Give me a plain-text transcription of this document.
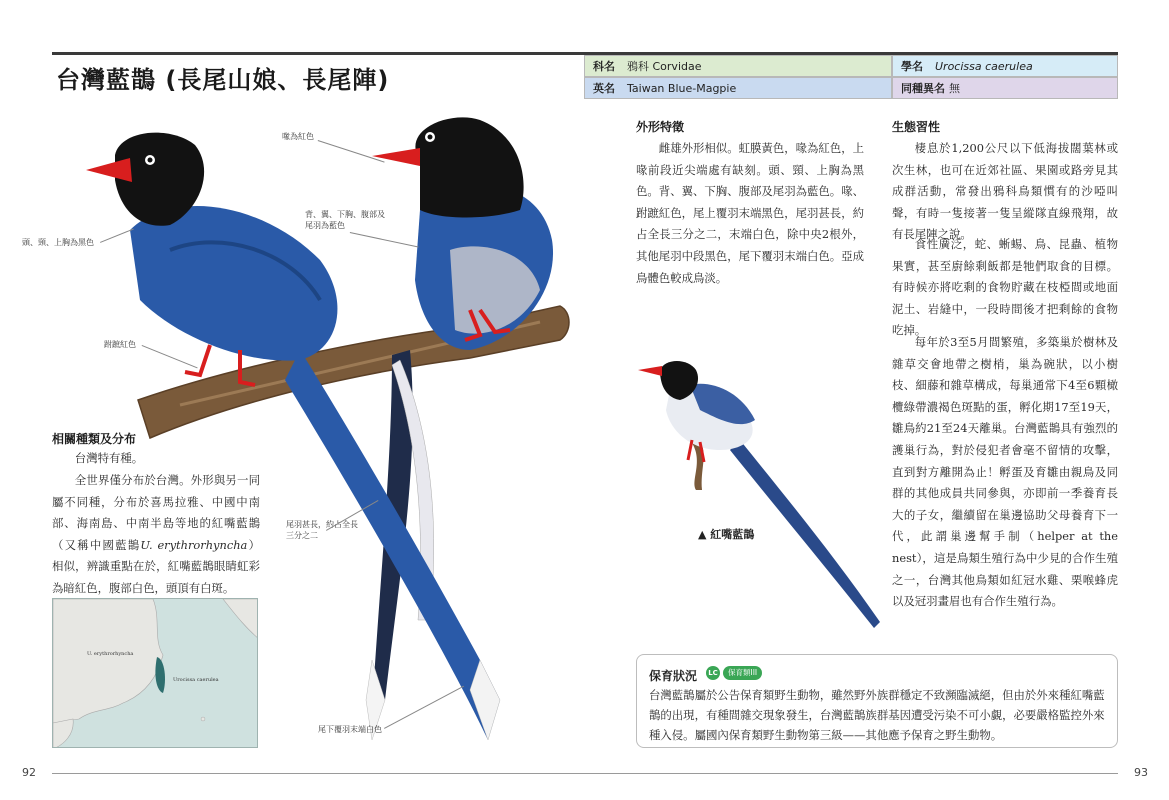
台灣藍鵲 (長尾山娘、長尾陣)	科名 鴉科 Corvidae	學名 Urocissa caerulea
英名 Taiwan Blue-Magpie	同種異名 無
喙為紅色
頭、頸、上胸為黑色
背、翼、下胸、腹部及
尾羽為藍色
跗蹠紅色
尾羽甚長，約占全長
三分之二
尾下覆羽末端白色
相關種類及分布
台灣特有種。
全世界僅分布於台灣。外形與另一同屬不同種，分布於喜馬拉雅、中國中南部、海南島、中南半島等地的紅嘴藍鵲（又稱中國藍鵲U. erythrorhyncha）相似，辨識重點在於，紅嘴藍鵲眼睛虹彩為暗紅色，腹部白色，頭頂有白斑。
U. erythrorhyncha
Urocissa caerulea
外形特徵
雌雄外形相似。虹膜黃色，喙為紅色，上喙前段近尖端處有缺刻。頭、頸、上胸為黑色。背、翼、下胸、腹部及尾羽為藍色。喙、跗蹠紅色，尾上覆羽末端黑色，尾羽甚長，約占全長三分之二，末端白色，除中央2根外，其他尾羽中段黑色，尾下覆羽末端白色。亞成鳥體色較成鳥淡。
▲ 紅嘴藍鵲
生態習性
棲息於1,200公尺以下低海拔闊葉林或次生林，也可在近郊社區、果園或路旁見其成群活動，常發出鴉科鳥類慣有的沙啞叫聲，有時一隻接著一隻呈縱隊直線飛翔，故有長尾陣之說。
食性廣泛，蛇、蜥蜴、鳥、昆蟲、植物果實，甚至廚餘剩飯都是牠們取食的目標。有時候亦將吃剩的食物貯藏在枝椏間或地面泥土、岩縫中，一段時間後才把剩餘的食物吃掉。
每年於3至5月間繁殖，多築巢於樹林及雜草交會地帶之樹梢，巢為碗狀，以小樹枝、細藤和雜草構成，每巢通常下4至6顆橄欖綠帶濃褐色斑點的蛋，孵化期17至19天，雛鳥約21至24天離巢。台灣藍鵲具有強烈的護巢行為，對於侵犯者會毫不留情的攻擊，直到對方離開為止！孵蛋及育雛由親鳥及同群的其他成員共同參與，亦即前一季養育長大的子女，繼續留在巢邊協助父母養育下一代，此謂巢邊幫手制（helper at the nest），這是鳥類生殖行為中少見的合作生殖之一，台灣其他鳥類如紅冠水雞、栗喉蜂虎以及冠羽畫眉也有合作生殖行為。
保育狀況	LC	保育類III
台灣藍鵲屬於公告保育類野生動物，雖然野外族群穩定不致瀕臨滅絕，但由於外來種紅嘴藍鵲的出現，有種間雜交現象發生，台灣藍鵲族群基因遭受污染不可小覷，必要嚴格監控外來種入侵。屬國內保育類野生動物第三級——其他應予保育之野生動物。
92	93
